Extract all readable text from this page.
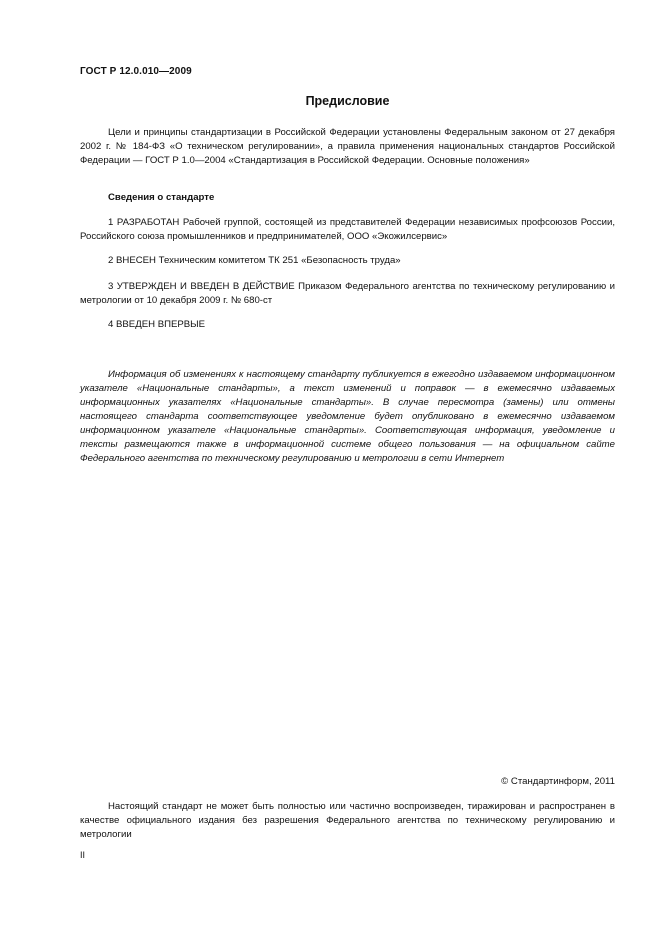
ГОСТ Р 12.0.010—2009
Предисловие

Цели и принципы стандартизации в Российской Федерации установлены Федеральным законом от 27 декабря 2002 г. № 184-ФЗ «О техническом регулировании», а правила применения национальных стандартов Российской Федерации — ГОСТ Р 1.0—2004 «Стандартизация в Российской Федерации. Основные положения»

Сведения о стандарте

1 РАЗРАБОТАН Рабочей группой, состоящей из представителей Федерации независимых профсоюзов России, Российского союза промышленников и предпринимателей, ООО «Экожилсервис»

2 ВНЕСЕН Техническим комитетом ТК 251 «Безопасность труда»

3 УТВЕРЖДЕН И ВВЕДЕН В ДЕЙСТВИЕ Приказом Федерального агентства по техническому регулированию и метрологии от 10 декабря 2009 г. № 680-ст

4 ВВЕДЕН ВПЕРВЫЕ

Информация об изменениях к настоящему стандарту публикуется в ежегодно издаваемом информационном указателе «Национальные стандарты», а текст изменений и поправок — в ежемесячно издаваемых информационных указателях «Национальные стандарты». В случае пересмотра (замены) или отмены настоящего стандарта соответствующее уведомление будет опубликовано в ежемесячно издаваемом информационном указателе «Национальные стандарты». Соответствующая информация, уведомление и тексты размещаются также в информационной системе общего пользования — на официальном сайте Федерального агентства по техническому регулированию и метрологии в сети Интернет

© Стандартинформ, 2011

Настоящий стандарт не может быть полностью или частично воспроизведен, тиражирован и распространен в качестве официального издания без разрешения Федерального агентства по техническому регулированию и метрологии

II
